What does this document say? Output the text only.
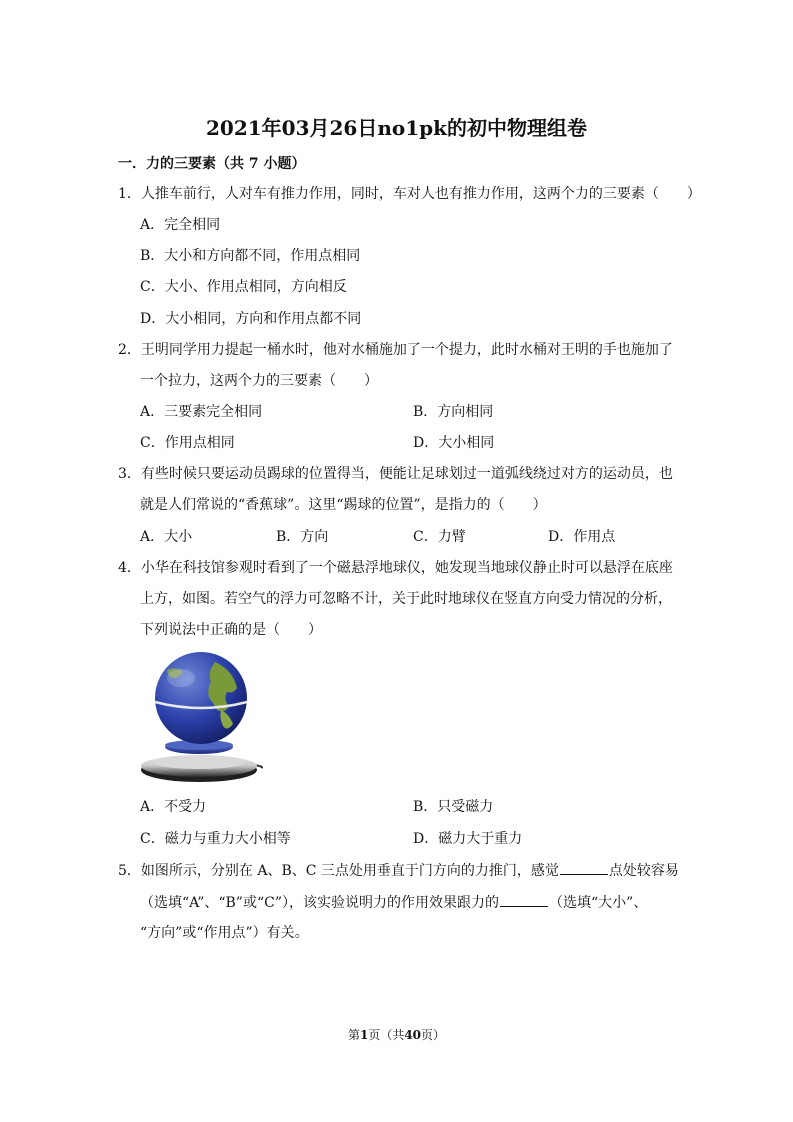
2021年03月26日no1pk的初中物理组卷
一．力的三要素（共 7 小题）
1．人推车前行，人对车有推力作用，同时，车对人也有推力作用，这两个力的三要素（　　）
A．完全相同
B．大小和方向都不同，作用点相同
C．大小、作用点相同，方向相反
D．大小相同，方向和作用点都不同
2．王明同学用力提起一桶水时，他对水桶施加了一个提力，此时水桶对王明的手也施加了
一个拉力，这两个力的三要素（　　）
A．三要素完全相同	B．方向相同
C．作用点相同	D．大小相同
3．有些时候只要运动员踢球的位置得当，便能让足球划过一道弧线绕过对方的运动员，也
就是人们常说的“香蕉球”。这里“踢球的位置”，是指力的（　　）
A．大小	B．方向	C．力臂	D．作用点
4．小华在科技馆参观时看到了一个磁悬浮地球仪，她发现当地球仪静止时可以悬浮在底座
上方，如图。若空气的浮力可忽略不计，关于此时地球仪在竖直方向受力情况的分析，
下列说法中正确的是（　　）
A．不受力	B．只受磁力
C．磁力与重力大小相等	D．磁力大于重力
5．如图所示，分别在 A、B、C 三点处用垂直于门方向的力推门，感觉	点处较容易
（选填“A”、“B”或“C”），该实验说明力的作用效果跟力的	（选填“大小”、
“方向”或“作用点”）有关。
第1页（共40页）
